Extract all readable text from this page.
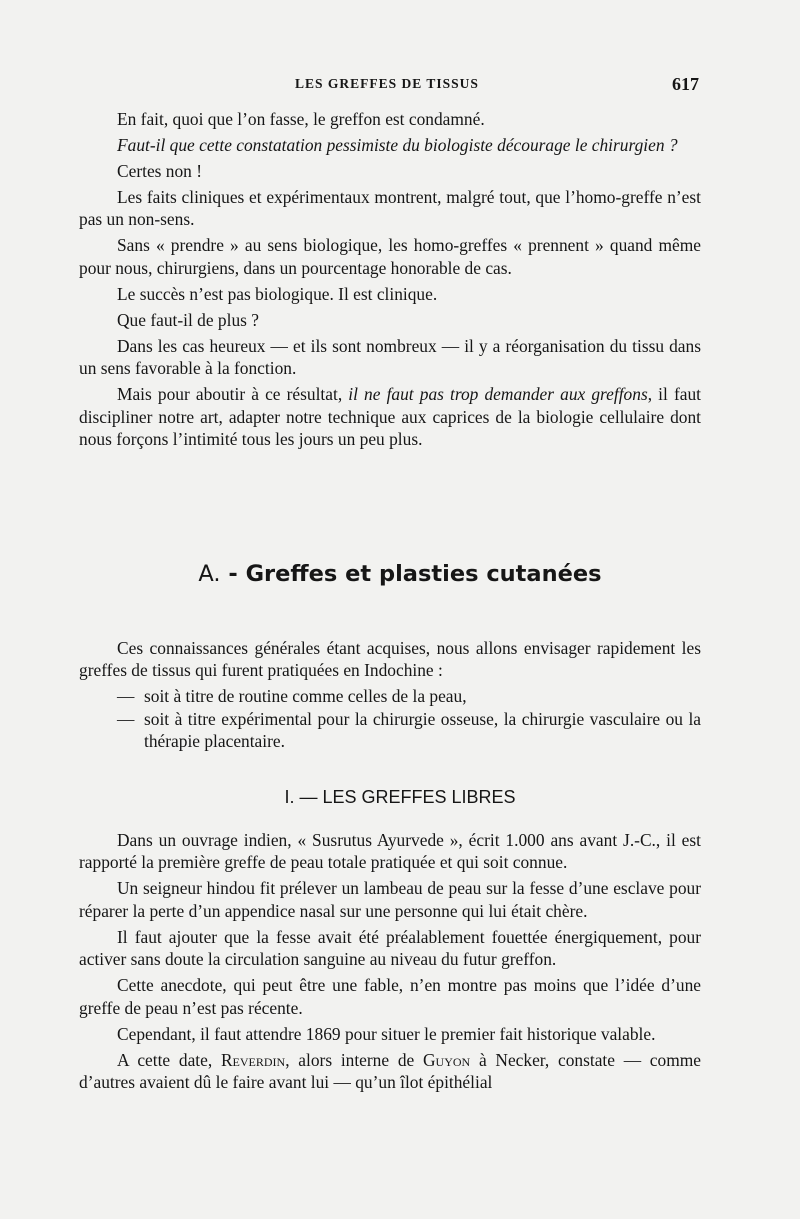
LES GREFFES DE TISSUS	617

En fait, quoi que l’on fasse, le greffon est condamné.

Faut-il que cette constatation pessimiste du biologiste décourage le chirurgien ?

Certes non !

Les faits cliniques et expérimentaux montrent, malgré tout, que l’homo-greffe n’est pas un non-sens.

Sans « prendre » au sens biologique, les homo-greffes « prennent » quand même pour nous, chirurgiens, dans un pourcentage honorable de cas.

Le succès n’est pas biologique. Il est clinique.

Que faut-il de plus ?

Dans les cas heureux — et ils sont nombreux — il y a réorganisation du tissu dans un sens favorable à la fonction.

Mais pour aboutir à ce résultat, il ne faut pas trop demander aux greffons, il faut discipliner notre art, adapter notre technique aux caprices de la biologie cellulaire dont nous forçons l’intimité tous les jours un peu plus.

A. - Greffes et plasties cutanées

Ces connaissances générales étant acquises, nous allons envisager rapidement les greffes de tissus qui furent pratiquées en Indochine :

— soit à titre de routine comme celles de la peau,
— soit à titre expérimental pour la chirurgie osseuse, la chirurgie vasculaire ou la thérapie placentaire.
I. — LES GREFFES LIBRES

Dans un ouvrage indien, « Susrutus Ayurvede », écrit 1.000 ans avant J.-C., il est rapporté la première greffe de peau totale pratiquée et qui soit connue.

Un seigneur hindou fit prélever un lambeau de peau sur la fesse d’une esclave pour réparer la perte d’un appendice nasal sur une personne qui lui était chère.

Il faut ajouter que la fesse avait été préalablement fouettée énergiquement, pour activer sans doute la circulation sanguine au niveau du futur greffon.

Cette anecdote, qui peut être une fable, n’en montre pas moins que l’idée d’une greffe de peau n’est pas récente.

Cependant, il faut attendre 1869 pour situer le premier fait historique valable.

A cette date, Reverdin, alors interne de Guyon à Necker, constate — comme d’autres avaient dû le faire avant lui — qu’un îlot épithélial
